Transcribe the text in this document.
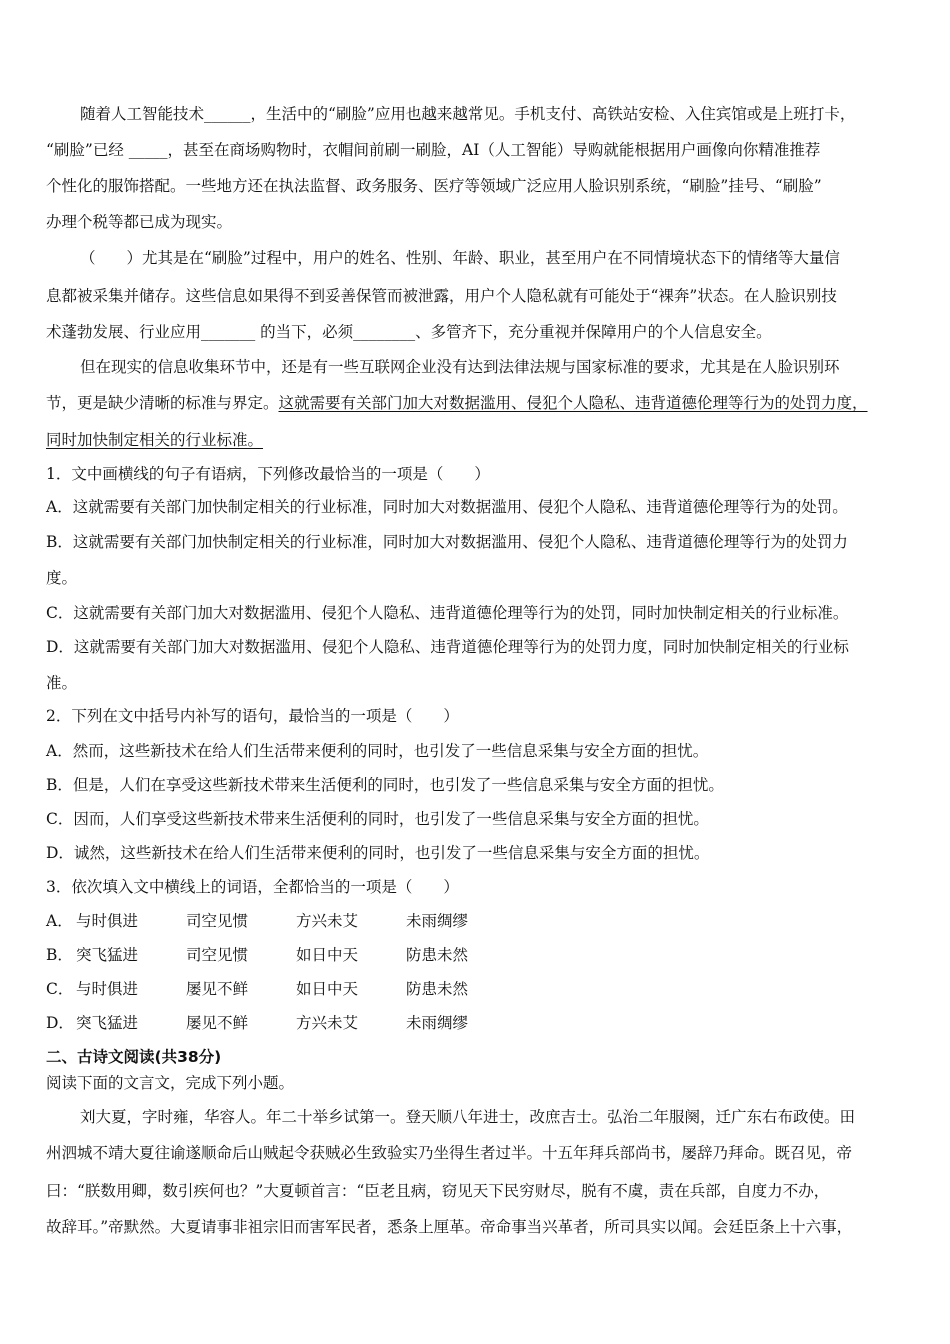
随着人工智能技术______，生活中的“刷脸”应用也越来越常见。手机支付、高铁站安检、入住宾馆或是上班打卡，
“刷脸”已经 _____，甚至在商场购物时，衣帽间前刷一刷脸，AI（人工智能）导购就能根据用户画像向你精准推荐
个性化的服饰搭配。一些地方还在执法监督、政务服务、医疗等领域广泛应用人脸识别系统，“刷脸”挂号、“刷脸”
办理个税等都已成为现实。
（　　）尤其是在“刷脸”过程中，用户的姓名、性别、年龄、职业，甚至用户在不同情境状态下的情绪等大量信
息都被采集并储存。这些信息如果得不到妥善保管而被泄露，用户个人隐私就有可能处于“裸奔”状态。在人脸识别技
术蓬勃发展、行业应用_______ 的当下，必须________、多管齐下，充分重视并保障用户的个人信息安全。
但在现实的信息收集环节中，还是有一些互联网企业没有达到法律法规与国家标准的要求，尤其是在人脸识别环
节，更是缺少清晰的标准与界定。这就需要有关部门加大对数据滥用、侵犯个人隐私、违背道德伦理等行为的处罚力度，
同时加快制定相关的行业标准。
1．文中画横线的句子有语病，下列修改最恰当的一项是（　　）
A．这就需要有关部门加快制定相关的行业标准，同时加大对数据滥用、侵犯个人隐私、违背道德伦理等行为的处罚。
B．这就需要有关部门加快制定相关的行业标准，同时加大对数据滥用、侵犯个人隐私、违背道德伦理等行为的处罚力
度。
C．这就需要有关部门加大对数据滥用、侵犯个人隐私、违背道德伦理等行为的处罚，同时加快制定相关的行业标准。
D．这就需要有关部门加大对数据滥用、侵犯个人隐私、违背道德伦理等行为的处罚力度，同时加快制定相关的行业标
准。
2．下列在文中括号内补写的语句，最恰当的一项是（　　）
A．然而，这些新技术在给人们生活带来便利的同时，也引发了一些信息采集与安全方面的担忧。
B．但是，人们在享受这些新技术带来生活便利的同时，也引发了一些信息采集与安全方面的担忧。
C．因而，人们享受这些新技术带来生活便利的同时，也引发了一些信息采集与安全方面的担忧。
D．诚然，这些新技术在给人们生活带来便利的同时，也引发了一些信息采集与安全方面的担忧。
3．依次填入文中横线上的词语，全都恰当的一项是（　　）
A． 与时俱进	司空见惯	方兴未艾	未雨绸缪
B． 突飞猛进	司空见惯	如日中天	防患未然
C． 与时俱进	屡见不鲜	如日中天	防患未然
D． 突飞猛进	屡见不鲜	方兴未艾	未雨绸缪
二、古诗文阅读(共38分)
阅读下面的文言文，完成下列小题。
刘大夏，字时雍，华容人。年二十举乡试第一。登天顺八年进士，改庶吉士。弘治二年服阕，迁广东右布政使。田
州泗城不靖大夏往谕遂顺命后山贼起令获贼必生致验实乃坐得生者过半。十五年拜兵部尚书，屡辞乃拜命。既召见，帝
曰：“朕数用卿，数引疾何也？”大夏顿首言：“臣老且病，窃见天下民穷财尽，脱有不虞，责在兵部，自度力不办，
故辞耳。”帝默然。大夏请事非祖宗旧而害军民者，悉条上厘革。帝命事当兴革者，所司具实以闻。会廷臣条上十六事，
